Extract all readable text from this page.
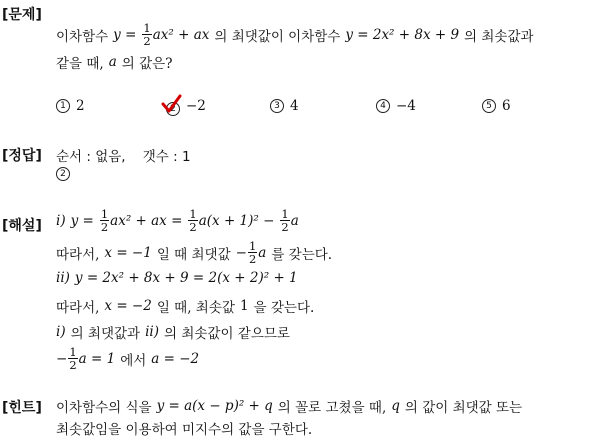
[문제]
[정답]
[해설]
[힌트]
이차함수 $y = \frac{1}{2} ax^2$ + ax 의 최댓값이 이차함수 y = 2x² + 8x + 9 의 최솟값과
같을 때, a 의 값은?
1 2	2 −2	3 4	4 −4	5 6
순서 : 없음,    갯수 : 1
2
i) $y = \frac{1}{2} ax^2$ + ax = $\frac{1}{2} a(x + 1)^2 - \frac{1}{2}$ a
따라서, x = −1 일 때 최댓값 − $\frac{1}{2}$ a 를 갖는다.
ii) y = 2x² + 8x + 9 = 2(x + 2)² + 1
따라서, x = −2 일 때, 최솟값 1 을 갖는다.
i) 의 최댓값과 ii) 의 최솟값이 같으므로
− $\frac{1}{2}$ a = 1 에서 a = −2
이차함수의 식을 y = a(x − p)² + q 의 꼴로 고쳤을 때, q 의 값이 최댓값 또는
최솟값임을 이용하여 미지수의 값을 구한다.
